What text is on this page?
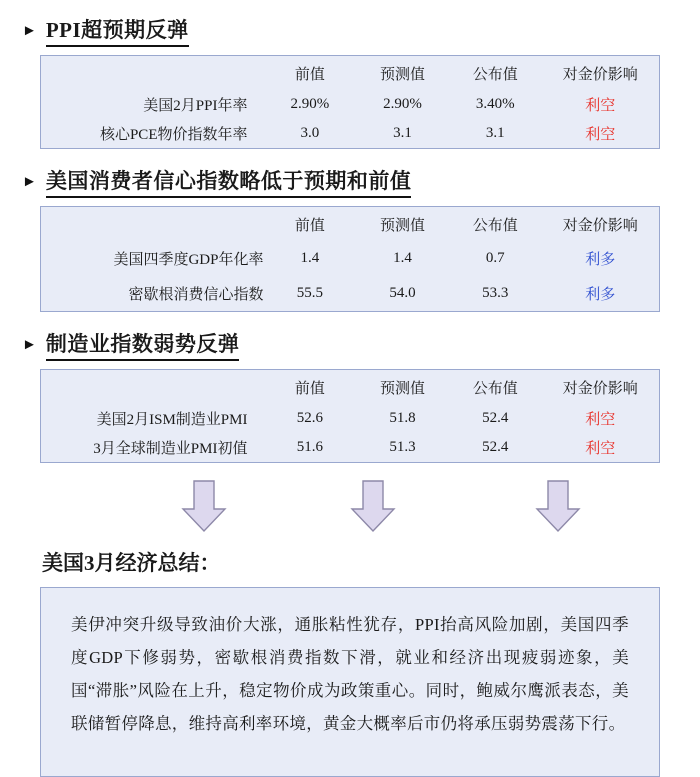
► PPI超预期反弹
	前值	预测值	公布值	对金价影响
美国2月PPI年率	2.90%	2.90%	3.40%	利空
核心PCE物价指数年率	3.0	3.1	3.1	利空
► 美国消费者信心指数略低于预期和前值
	前值	预测值	公布值	对金价影响
美国四季度GDP年化率	1.4	1.4	0.7	利多
密歇根消费信心指数	55.5	54.0	53.3	利多
► 制造业指数弱势反弹
	前值	预测值	公布值	对金价影响
美国2月ISM制造业PMI	52.6	51.8	52.4	利空
3月全球制造业PMI初值	51.6	51.3	52.4	利空
美国3月经济总结：
美伊冲突升级导致油价大涨，通胀粘性犹存，PPI抬高风险加剧，美国四季度GDP下修弱势，密歇根消费指数下滑，就业和经济出现疲弱迹象，美国“滞胀”风险在上升，稳定物价成为政策重心。同时，鲍威尔鹰派表态，美联储暂停降息，维持高利率环境，黄金大概率后市仍将承压弱势震荡下行。
